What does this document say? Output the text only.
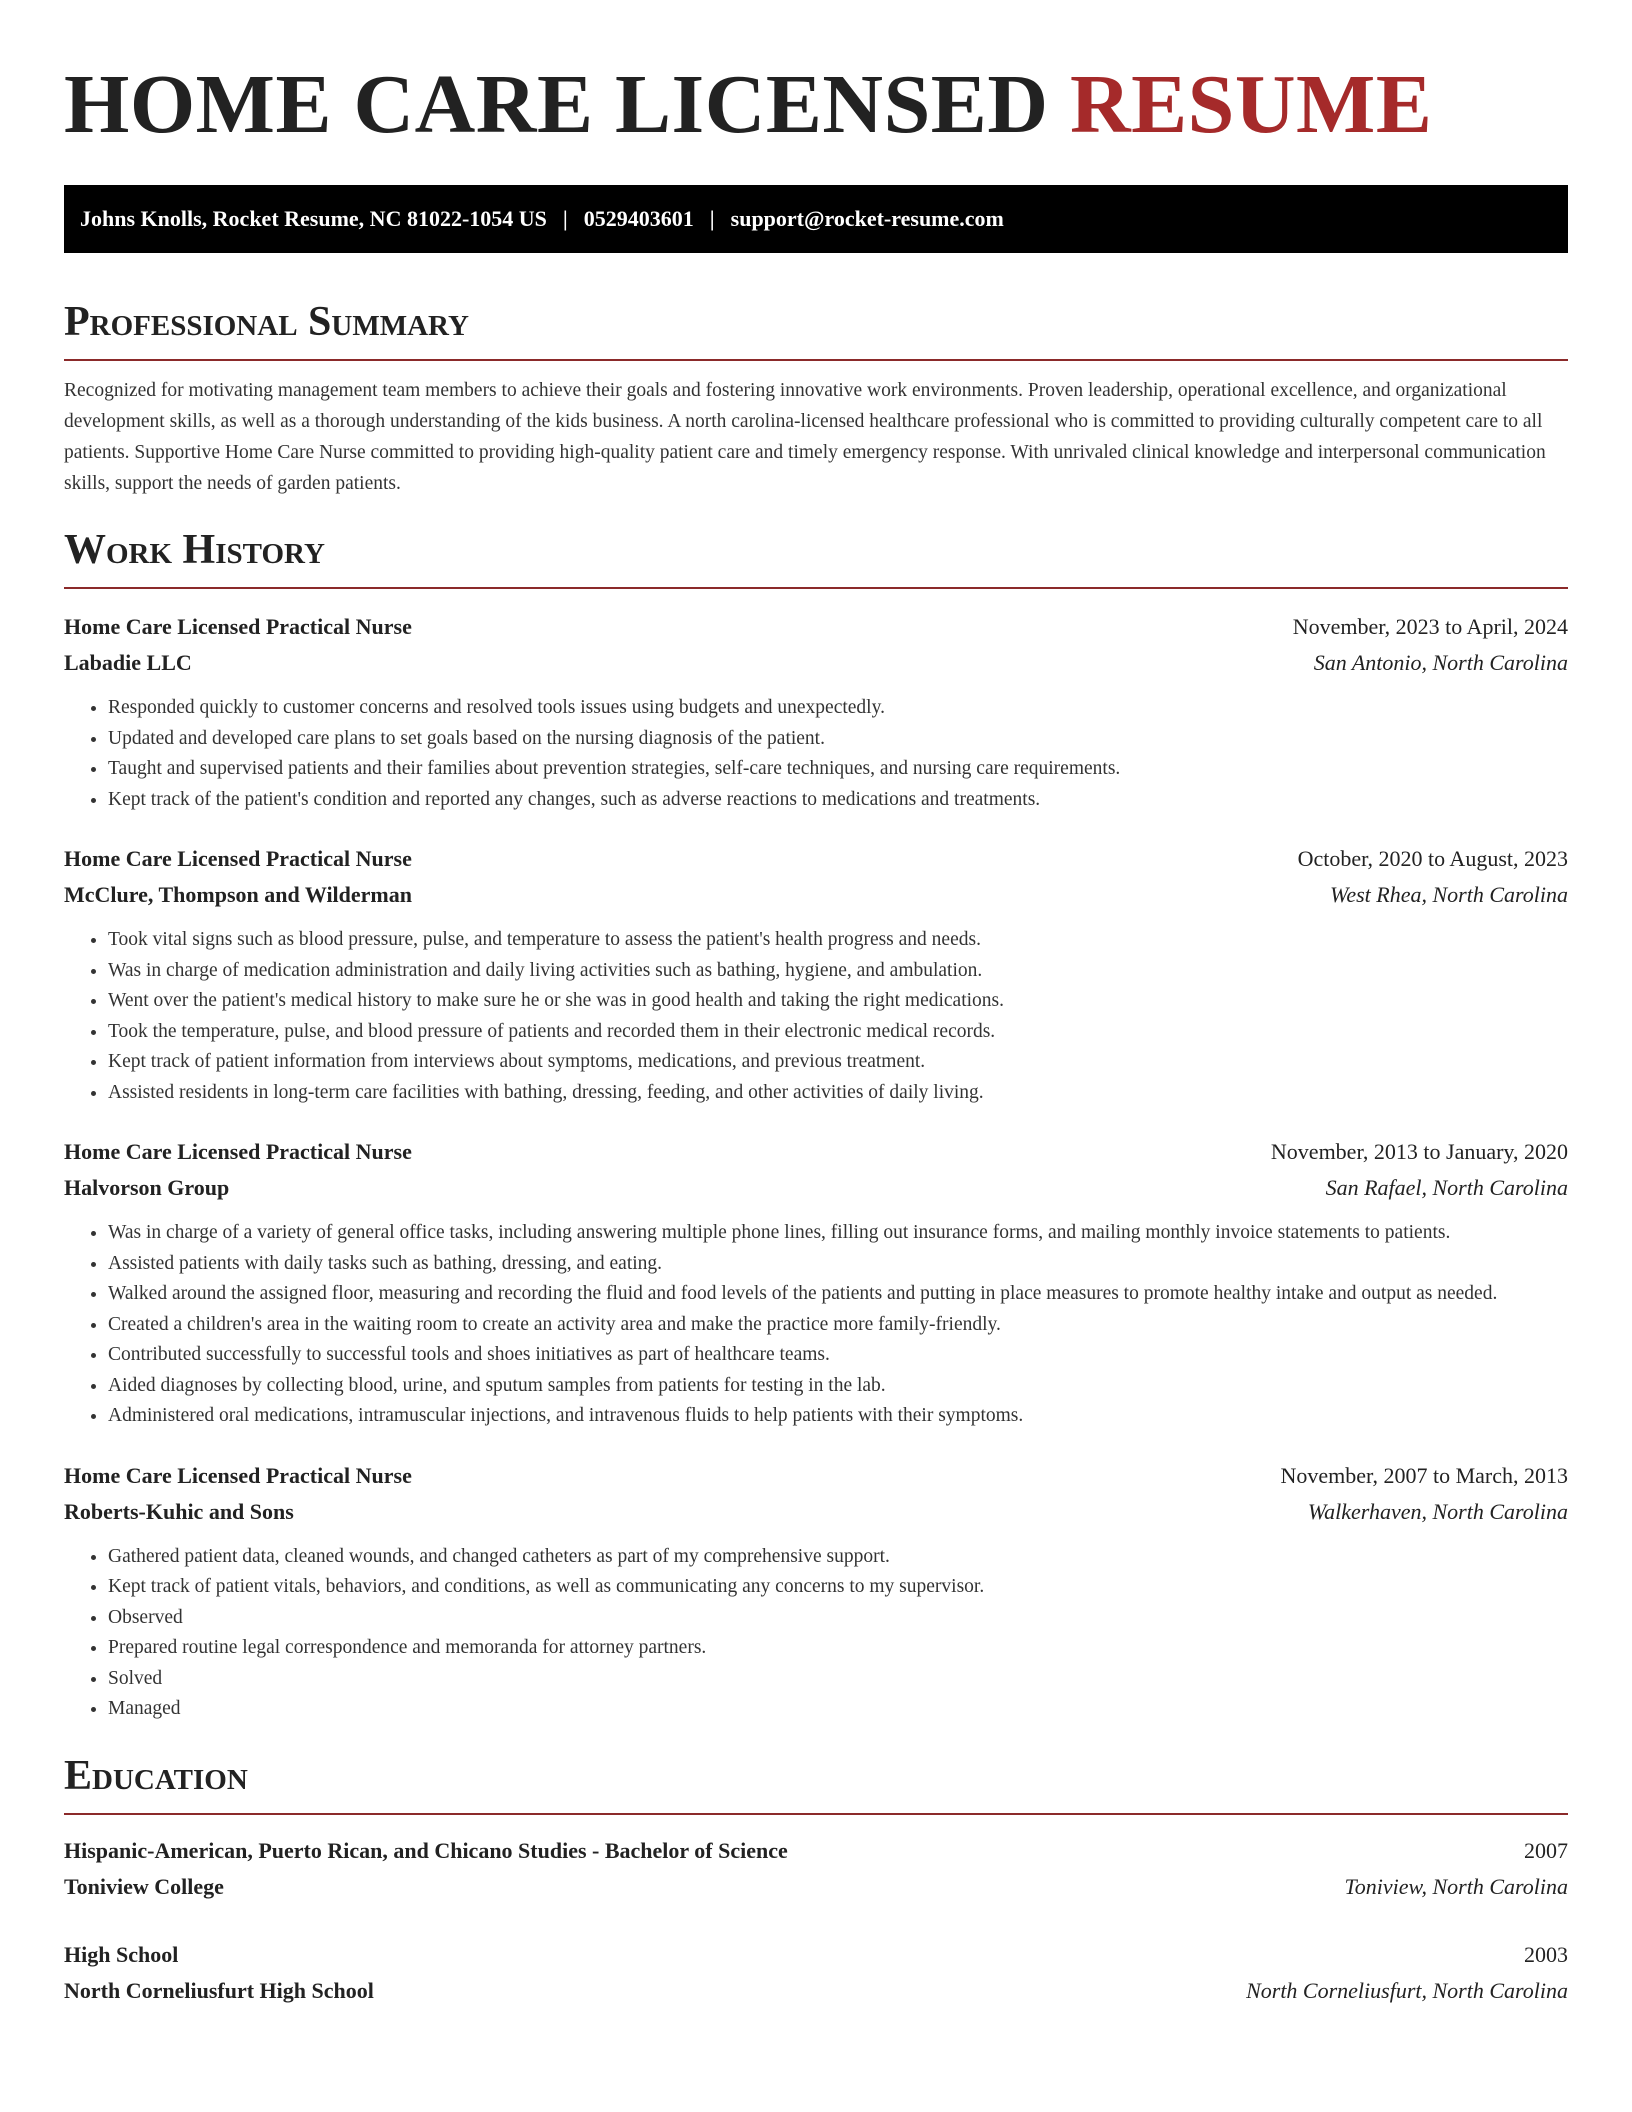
HOME CARE LICENSED RESUME
Johns Knolls, Rocket Resume, NC 81022-1054 US | 0529403601 | support@rocket-resume.com
Professional Summary

Recognized for motivating management team members to achieve their goals and fostering innovative work environments. Proven leadership, operational excellence, and organizational development skills, as well as a thorough understanding of the kids business. A north carolina-licensed healthcare professional who is committed to providing culturally competent care to all patients. Supportive Home Care Nurse committed to providing high-quality patient care and timely emergency response. With unrivaled clinical knowledge and interpersonal communication skills, support the needs of garden patients.

Work History
Home Care Licensed Practical Nurse	November, 2023 to April, 2024
Labadie LLC	San Antonio, North Carolina
• Responded quickly to customer concerns and resolved tools issues using budgets and unexpectedly.
• Updated and developed care plans to set goals based on the nursing diagnosis of the patient.
• Taught and supervised patients and their families about prevention strategies, self-care techniques, and nursing care requirements.
• Kept track of the patient's condition and reported any changes, such as adverse reactions to medications and treatments.
Home Care Licensed Practical Nurse	October, 2020 to August, 2023
McClure, Thompson and Wilderman	West Rhea, North Carolina
• Took vital signs such as blood pressure, pulse, and temperature to assess the patient's health progress and needs.
• Was in charge of medication administration and daily living activities such as bathing, hygiene, and ambulation.
• Went over the patient's medical history to make sure he or she was in good health and taking the right medications.
• Took the temperature, pulse, and blood pressure of patients and recorded them in their electronic medical records.
• Kept track of patient information from interviews about symptoms, medications, and previous treatment.
• Assisted residents in long-term care facilities with bathing, dressing, feeding, and other activities of daily living.
Home Care Licensed Practical Nurse	November, 2013 to January, 2020
Halvorson Group	San Rafael, North Carolina
• Was in charge of a variety of general office tasks, including answering multiple phone lines, filling out insurance forms, and mailing monthly invoice statements to patients.
• Assisted patients with daily tasks such as bathing, dressing, and eating.
• Walked around the assigned floor, measuring and recording the fluid and food levels of the patients and putting in place measures to promote healthy intake and output as needed.
• Created a children's area in the waiting room to create an activity area and make the practice more family-friendly.
• Contributed successfully to successful tools and shoes initiatives as part of healthcare teams.
• Aided diagnoses by collecting blood, urine, and sputum samples from patients for testing in the lab.
• Administered oral medications, intramuscular injections, and intravenous fluids to help patients with their symptoms.
Home Care Licensed Practical Nurse	November, 2007 to March, 2013
Roberts-Kuhic and Sons	Walkerhaven, North Carolina
• Gathered patient data, cleaned wounds, and changed catheters as part of my comprehensive support.
• Kept track of patient vitals, behaviors, and conditions, as well as communicating any concerns to my supervisor.
• Observed
• Prepared routine legal correspondence and memoranda for attorney partners.
• Solved
• Managed
Education
Hispanic-American, Puerto Rican, and Chicano Studies - Bachelor of Science	2007
Toniview College	Toniview, North Carolina
High School	2003
North Corneliusfurt High School	North Corneliusfurt, North Carolina
